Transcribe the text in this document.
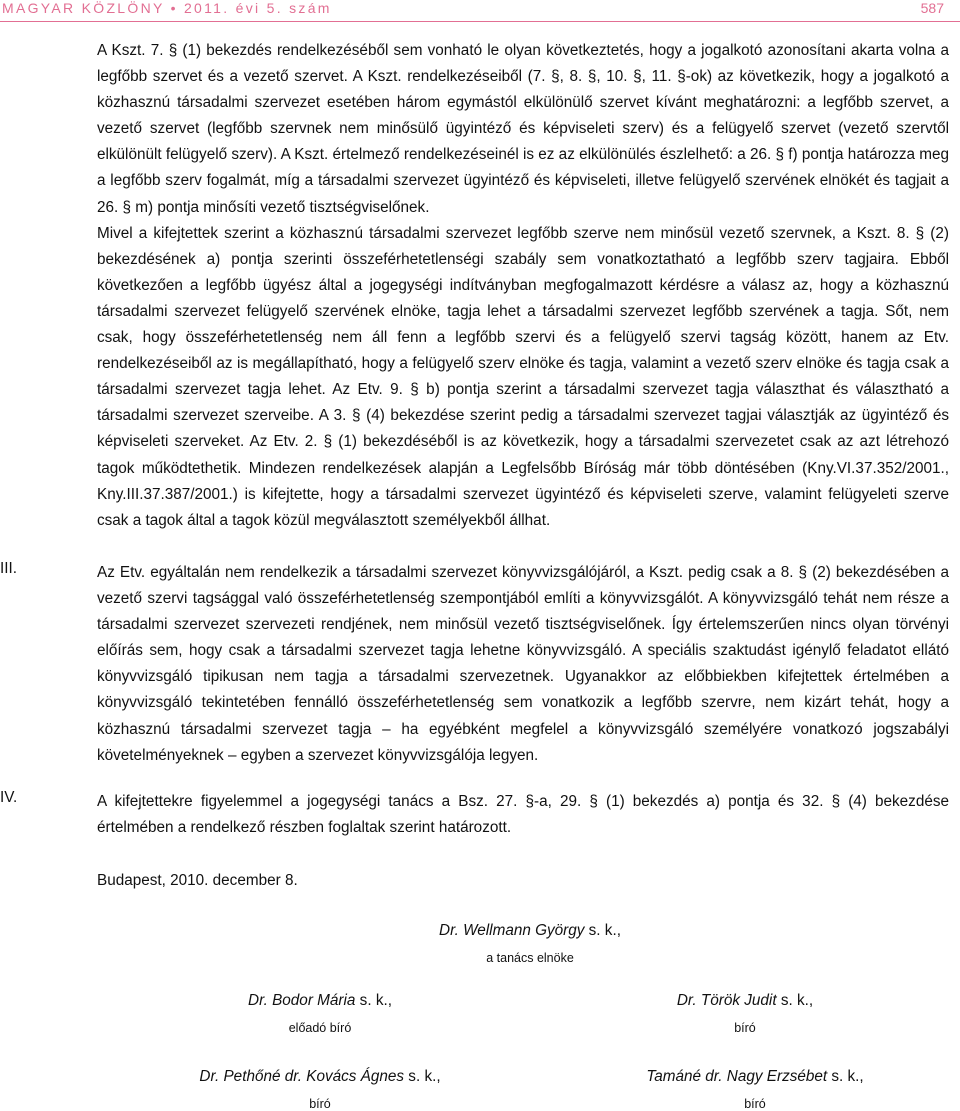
MAGYAR KÖZLÖNY • 2011. évi 5. szám	587

A Kszt. 7. § (1) bekezdés rendelkezéséből sem vonható le olyan következtetés, hogy a jogalkotó azonosítani akarta volna a legfőbb szervet és a vezető szervet. A Kszt. rendelkezéseiből (7. §, 8. §, 10. §, 11. §-ok) az következik, hogy a jogalkotó a közhasznú társadalmi szervezet esetében három egymástól elkülönülő szervet kívánt meghatározni: a legfőbb szervet, a vezető szervet (legfőbb szervnek nem minősülő ügyintéző és képviseleti szerv) és a felügyelő szervet (vezető szervtől elkülönült felügyelő szerv). A Kszt. értelmező rendelkezéseinél is ez az elkülönülés észlelhető: a 26. § f) pontja határozza meg a legfőbb szerv fogalmát, míg a társadalmi szervezet ügyintéző és képviseleti, illetve felügyelő szervének elnökét és tagjait a 26. § m) pontja minősíti vezető tisztségviselőnek.

Mivel a kifejtettek szerint a közhasznú társadalmi szervezet legfőbb szerve nem minősül vezető szervnek, a Kszt. 8. § (2) bekezdésének a) pontja szerinti összeférhetetlenségi szabály sem vonatkoztatható a legfőbb szerv tagjaira. Ebből következően a legfőbb ügyész által a jogegységi indítványban megfogalmazott kérdésre a válasz az, hogy a közhasznú társadalmi szervezet felügyelő szervének elnöke, tagja lehet a társadalmi szervezet legfőbb szervének a tagja. Sőt, nem csak, hogy összeférhetetlenség nem áll fenn a legfőbb szervi és a felügyelő szervi tagság között, hanem az Etv. rendelkezéseiből az is megállapítható, hogy a felügyelő szerv elnöke és tagja, valamint a vezető szerv elnöke és tagja csak a társadalmi szervezet tagja lehet. Az Etv. 9. § b) pontja szerint a társadalmi szervezet tagja választhat és választható a társadalmi szervezet szerveibe. A 3. § (4) bekezdése szerint pedig a társadalmi szervezet tagjai választják az ügyintéző és képviseleti szerveket. Az Etv. 2. § (1) bekezdéséből is az következik, hogy a társadalmi szervezetet csak az azt létrehozó tagok működtethetik. Mindezen rendelkezések alapján a Legfelsőbb Bíróság már több döntésében (Kny.VI.37.352/2001., Kny.III.37.387/2001.) is kifejtette, hogy a társadalmi szervezet ügyintéző és képviseleti szerve, valamint felügyeleti szerve csak a tagok által a tagok közül megválasztott személyekből állhat.

III.	Az Etv. egyáltalán nem rendelkezik a társadalmi szervezet könyvvizsgálójáról, a Kszt. pedig csak a 8. § (2) bekezdésében a vezető szervi tagsággal való összeférhetetlenség szempontjából említi a könyvvizsgálót. A könyvvizsgáló tehát nem része a társadalmi szervezet szervezeti rendjének, nem minősül vezető tisztségviselőnek. Így értelemszerűen nincs olyan törvényi előírás sem, hogy csak a társadalmi szervezet tagja lehetne könyvvizsgáló. A speciális szaktudást igénylő feladatot ellátó könyvvizsgáló tipikusan nem tagja a társadalmi szervezetnek. Ugyanakkor az előbbiekben kifejtettek értelmében a könyvvizsgáló tekintetében fennálló összeférhetetlenség sem vonatkozik a legfőbb szervre, nem kizárt tehát, hogy a közhasznú társadalmi szervezet tagja – ha egyébként megfelel a könyvvizsgáló személyére vonatkozó jogszabályi követelményeknek – egyben a szervezet könyvvizsgálója legyen.

IV.	A kifejtettekre figyelemmel a jogegységi tanács a Bsz. 27. §-a, 29. § (1) bekezdés a) pontja és 32. § (4) bekezdése értelmében a rendelkező részben foglaltak szerint határozott.

Budapest, 2010. december 8.
Dr. Wellmann György s. k.,
a tanács elnöke
Dr. Bodor Mária s. k.,
előadó bíró
Dr. Török Judit s. k.,
bíró
Dr. Pethőné dr. Kovács Ágnes s. k.,
bíró
Tamáné dr. Nagy Erzsébet s. k.,
bíró
